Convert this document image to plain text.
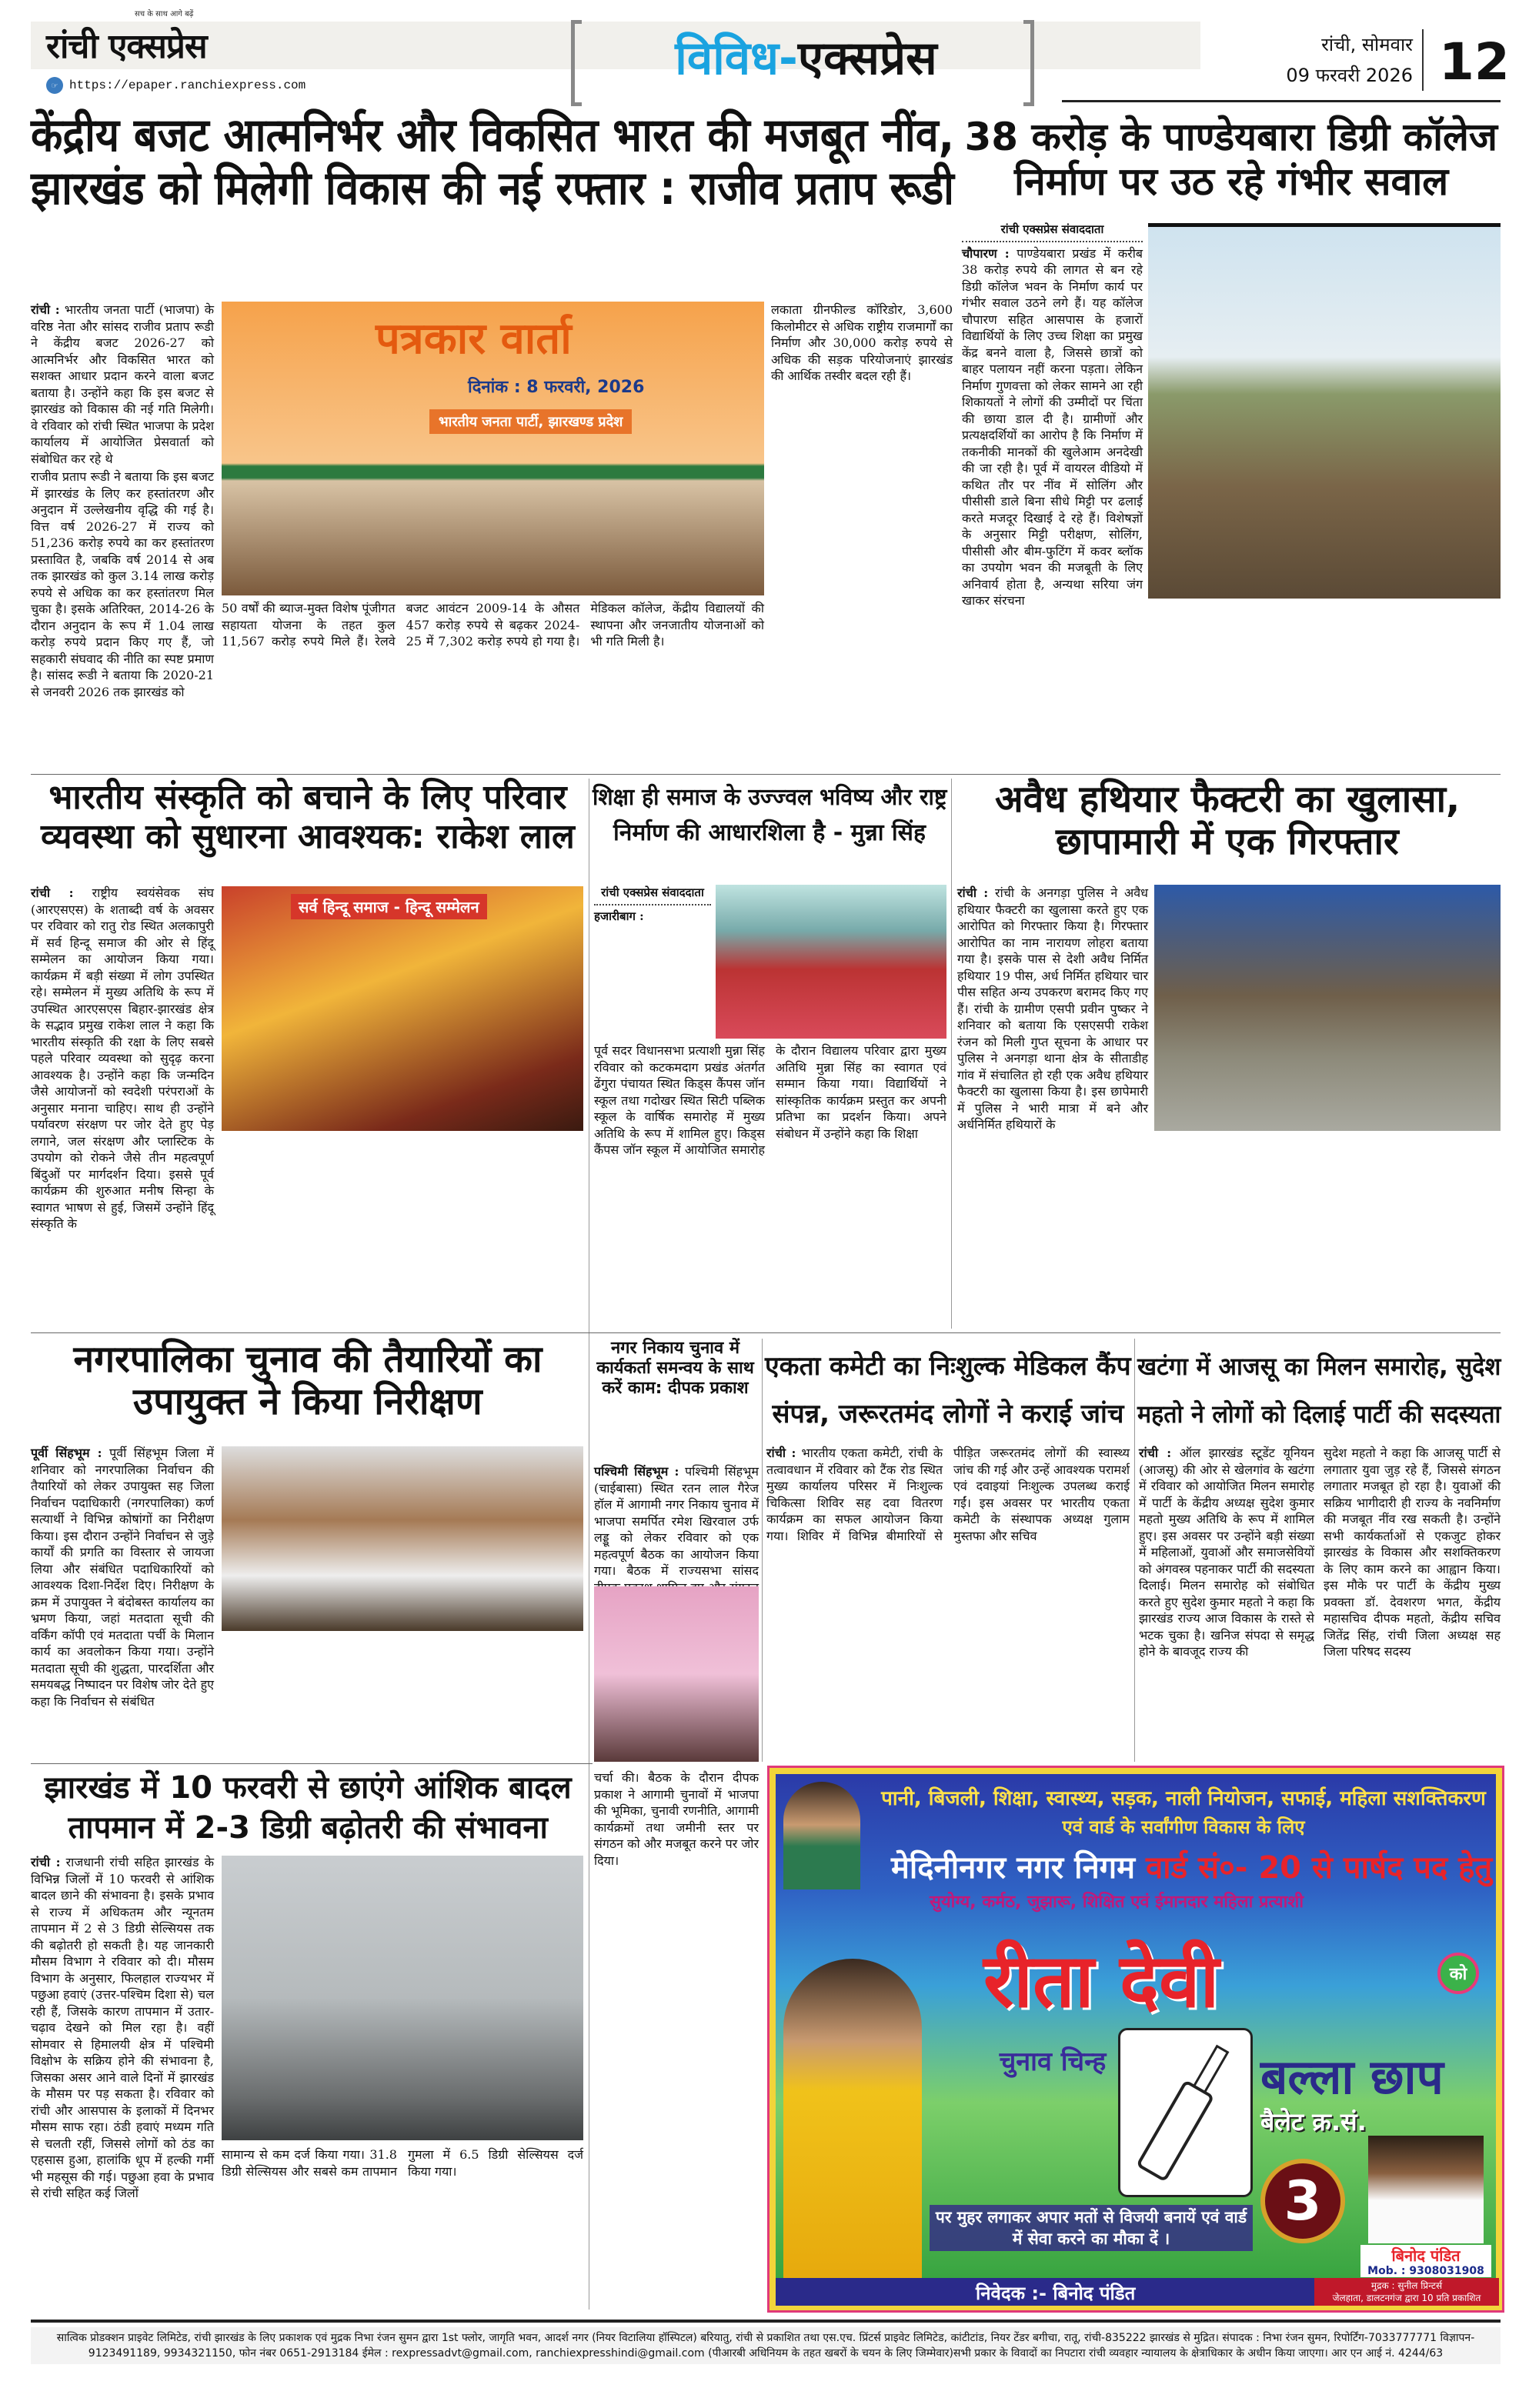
रांची एक्सप्रेस
सच के साथ आगे बढ़ें
☞ https://epaper.ranchiexpress.com	विविध-एक्सप्रेस	रांची, सोमवार
09 फरवरी 2026 12
केंद्रीय बजट आत्मनिर्भर और विकसित भारत की मजबूत नींव,
झारखंड को मिलेगी विकास की नई रफ्तार : राजीव प्रताप रूडी

रांची : भारतीय जनता पार्टी (भाजपा) के वरिष्ठ नेता और सांसद राजीव प्रताप रूडी ने केंद्रीय बजट 2026-27 को आत्मनिर्भर और विकसित भारत को सशक्त आधार प्रदान करने वाला बजट बताया है। उन्होंने कहा कि इस बजट से झारखंड को विकास की नई गति मिलेगी। वे रविवार को रांची स्थित भाजपा के प्रदेश कार्यालय में आयोजित प्रेसवार्ता को संबोधित कर रहे थे

राजीव प्रताप रूडी ने बताया कि इस बजट में झारखंड के लिए कर हस्तांतरण और अनुदान में उल्लेखनीय वृद्धि की गई है। वित्त वर्ष 2026-27 में राज्य को 51,236 करोड़ रुपये का कर हस्तांतरण प्रस्तावित है, जबकि वर्ष 2014 से अब तक झारखंड को कुल 3.14 लाख करोड़ रुपये से अधिक का कर हस्तांतरण मिल चुका है। इसके अतिरिक्त, 2014-26 के दौरान अनुदान के रूप में 1.04 लाख करोड़ रुपये प्रदान किए गए हैं, जो सहकारी संघवाद की नीति का स्पष्ट प्रमाण है। सांसद रूडी ने बताया कि 2020-21 से जनवरी 2026 तक झारखंड को

पत्रकार वार्ता
दिनांक : 8 फरवरी, 2026
भारतीय जनता पार्टी, झारखण्ड प्रदेश
50 वर्षों की ब्याज-मुक्त विशेष पूंजीगत सहायता योजना के तहत कुल 11,567 करोड़ रुपये मिले हैं। रेलवे बजट आवंटन 2009-14 के औसत 457 करोड़ रुपये से बढ़कर 2024-25 में 7,302 करोड़ रुपये हो गया है। मेडिकल कॉलेज, केंद्रीय विद्यालयों की स्थापना और जनजातीय योजनाओं को भी गति मिली है।
लकाता ग्रीनफील्ड कॉरिडोर, 3,600 किलोमीटर से अधिक राष्ट्रीय राजमार्गों का निर्माण और 30,000 करोड़ रुपये से अधिक की सड़क परियोजनाएं झारखंड की आर्थिक तस्वीर बदल रही हैं।
38 करोड़ के पाण्डेयबारा डिग्री कॉलेज
निर्माण पर उठ रहे गंभीर सवाल
रांची एक्सप्रेस संवाददाता

चौपारण : पाण्डेयबारा प्रखंड में करीब 38 करोड़ रुपये की लागत से बन रहे डिग्री कॉलेज भवन के निर्माण कार्य पर गंभीर सवाल उठने लगे हैं। यह कॉलेज चौपारण सहित आसपास के हजारों विद्यार्थियों के लिए उच्च शिक्षा का प्रमुख केंद्र बनने वाला है, जिससे छात्रों को बाहर पलायन नहीं करना पड़ता। लेकिन निर्माण गुणवत्ता को लेकर सामने आ रही शिकायतों ने लोगों की उम्मीदों पर चिंता की छाया डाल दी है। ग्रामीणों और प्रत्यक्षदर्शियों का आरोप है कि निर्माण में तकनीकी मानकों की खुलेआम अनदेखी की जा रही है। पूर्व में वायरल वीडियो में कथित तौर पर नींव में सोलिंग और पीसीसी डाले बिना सीधे मिट्टी पर ढलाई करते मजदूर दिखाई दे रहे हैं। विशेषज्ञों के अनुसार मिट्टी परीक्षण, सोलिंग, पीसीसी और बीम-फुटिंग में कवर ब्लॉक का उपयोग भवन की मजबूती के लिए अनिवार्य होता है, अन्यथा सरिया जंग खाकर संरचना

भारतीय संस्कृति को बचाने के लिए परिवार
व्यवस्था को सुधारना आवश्यक: राकेश लाल

रांची : राष्ट्रीय स्वयंसेवक संघ (आरएसएस) के शताब्दी वर्ष के अवसर पर रविवार को रातु रोड स्थित अलकापुरी में सर्व हिन्दू समाज की ओर से हिंदू सम्मेलन का आयोजन किया गया। कार्यक्रम में बड़ी संख्या में लोग उपस्थित रहे। सम्मेलन में मुख्य अतिथि के रूप में उपस्थित आरएसएस बिहार-झारखंड क्षेत्र के सद्भाव प्रमुख राकेश लाल ने कहा कि भारतीय संस्कृति की रक्षा के लिए सबसे पहले परिवार व्यवस्था को सुदृढ़ करना आवश्यक है। उन्होंने कहा कि जन्मदिन जैसे आयोजनों को स्वदेशी परंपराओं के अनुसार मनाना चाहिए। साथ ही उन्होंने पर्यावरण संरक्षण पर जोर देते हुए पेड़ लगाने, जल संरक्षण और प्लास्टिक के उपयोग को रोकने जैसे तीन महत्वपूर्ण बिंदुओं पर मार्गदर्शन दिया। इससे पूर्व कार्यक्रम की शुरुआत मनीष सिन्हा के स्वागत भाषण से हुई, जिसमें उन्होंने हिंदू संस्कृति के

सर्व हिन्दू समाज - हिन्दू सम्मेलन
शिक्षा ही समाज के उज्ज्वल भविष्य और राष्ट्र
निर्माण की आधारशिला है - मुन्ना सिंह
रांची एक्सप्रेस संवाददाता
हजारीबाग :
पूर्व सदर विधानसभा प्रत्याशी मुन्ना सिंह रविवार को कटकमदाग प्रखंड अंतर्गत ढेंगुरा पंचायत स्थित किड्स कैंपस जॉन स्कूल तथा गदोखर स्थित सिटी पब्लिक स्कूल के वार्षिक समारोह में मुख्य अतिथि के रूप में शामिल हुए। किड्स कैंपस जॉन स्कूल में आयोजित समारोह के दौरान विद्यालय परिवार द्वारा मुख्य अतिथि मुन्ना सिंह का स्वागत एवं सम्मान किया गया। विद्यार्थियों ने सांस्कृतिक कार्यक्रम प्रस्तुत कर अपनी प्रतिभा का प्रदर्शन किया। अपने संबोधन में उन्होंने कहा कि शिक्षा
अवैध हथियार फैक्टरी का खुलासा,
छापामारी में एक गिरफ्तार

रांची : रांची के अनगड़ा पुलिस ने अवैध हथियार फैक्टरी का खुलासा करते हुए एक आरोपित को गिरफ्तार किया है। गिरफ्तार आरोपित का नाम नारायण लोहरा बताया गया है। इसके पास से देशी अवैध निर्मित हथियार 19 पीस, अर्ध निर्मित हथियार चार पीस सहित अन्य उपकरण बरामद किए गए हैं। रांची के ग्रामीण एसपी प्रवीन पुष्कर ने शनिवार को बताया कि एसएसपी राकेश रंजन को मिली गुप्त सूचना के आधार पर पुलिस ने अनगड़ा थाना क्षेत्र के सीताडीह गांव में संचालित हो रही एक अवैध हथियार फैक्टरी का खुलासा किया है। इस छापेमारी में पुलिस ने भारी मात्रा में बने और अर्धनिर्मित हथियारों के

नगरपालिका चुनाव की तैयारियों का
उपायुक्त ने किया निरीक्षण

पूर्वी सिंहभूम : पूर्वी सिंहभूम जिला में शनिवार को नगरपालिका निर्वाचन की तैयारियों को लेकर उपायुक्त सह जिला निर्वाचन पदाधिकारी (नगरपालिका) कर्ण सत्यार्थी ने विभिन्न कोषांगों का निरीक्षण किया। इस दौरान उन्होंने निर्वाचन से जुड़े कार्यों की प्रगति का विस्तार से जायजा लिया और संबंधित पदाधिकारियों को आवश्यक दिशा-निर्देश दिए। निरीक्षण के क्रम में उपायुक्त ने बंदोबस्त कार्यालय का भ्रमण किया, जहां मतदाता सूची की वर्किंग कॉपी एवं मतदाता पर्ची के मिलान कार्य का अवलोकन किया गया। उन्होंने मतदाता सूची की शुद्धता, पारदर्शिता और समयबद्ध निष्पादन पर विशेष जोर देते हुए कहा कि निर्वाचन से संबंधित

नगर निकाय चुनाव में कार्यकर्ता समन्वय के साथ करें काम: दीपक प्रकाश

पश्चिमी सिंहभूम : पश्चिमी सिंहभूम (चाईबासा) स्थित रतन लाल गैरेज हॉल में आगामी नगर निकाय चुनाव में भाजपा समर्पित रमेश खिरवाल उर्फ लड्डू को लेकर रविवार को एक महत्वपूर्ण बैठक का आयोजन किया गया। बैठक में राज्यसभा सांसद

चर्चा की। बैठक के दौरान दीपक प्रकाश ने आगामी चुनावों में भाजपा की भूमिका, चुनावी रणनीति, आगामी कार्यक्रमों तथा जमीनी स्तर पर संगठन को और मजबूत करने पर जोर दिया।
एकता कमेटी का निःशुल्क मेडिकल कैंप
संपन्न, जरूरतमंद लोगों ने कराई जांच
रांची : भारतीय एकता कमेटी, रांची के तत्वावधान में रविवार को टैंक रोड स्थित मुख्य कार्यालय परिसर में निःशुल्क चिकित्सा शिविर सह दवा वितरण कार्यक्रम का सफल आयोजन किया गया। शिविर में विभिन्न बीमारियों से पीड़ित जरूरतमंद लोगों की स्वास्थ्य जांच की गई और उन्हें आवश्यक परामर्श एवं दवाइयां निःशुल्क उपलब्ध कराई गईं। इस अवसर पर भारतीय एकता कमेटी के संस्थापक अध्यक्ष गुलाम मुस्तफा और सचिव
खटंगा में आजसू का मिलन समारोह, सुदेश
महतो ने लोगों को दिलाई पार्टी की सदस्यता
रांची : ऑल झारखंड स्टूडेंट यूनियन (आजसू) की ओर से खेलगांव के खटंगा में रविवार को आयोजित मिलन समारोह में पार्टी के केंद्रीय अध्यक्ष सुदेश कुमार महतो मुख्य अतिथि के रूप में शामिल हुए। इस अवसर पर उन्होंने बड़ी संख्या में महिलाओं, युवाओं और समाजसेवियों को अंगवस्त्र पहनाकर पार्टी की सदस्यता दिलाई। मिलन समारोह को संबोधित करते हुए सुदेश कुमार महतो ने कहा कि झारखंड राज्य आज विकास के रास्ते से भटक चुका है। खनिज संपदा से समृद्ध होने के बावजूद राज्य की
सुदेश महतो ने कहा कि आजसू पार्टी से लगातार युवा जुड़ रहे हैं, जिससे संगठन लगातार मजबूत हो रहा है। युवाओं की सक्रिय भागीदारी ही राज्य के नवनिर्माण की मजबूत नींव रख सकती है। उन्होंने सभी कार्यकर्ताओं से एकजुट होकर झारखंड के विकास और सशक्तिकरण के लिए काम करने का आह्वान किया। इस मौके पर पार्टी के केंद्रीय मुख्य प्रवक्ता डॉ. देवशरण भगत, केंद्रीय महासचिव दीपक महतो, केंद्रीय सचिव जितेंद्र सिंह, रांची जिला अध्यक्ष सह जिला परिषद सदस्य
झारखंड में 10 फरवरी से छाएंगे आंशिक बादल
तापमान में 2-3 डिग्री बढ़ोतरी की संभावना
रांची : राजधानी रांची सहित झारखंड के विभिन्न जिलों में 10 फरवरी से आंशिक बादल छाने की संभावना है। इसके प्रभाव से राज्य में अधिकतम और न्यूनतम तापमान में 2 से 3 डिग्री सेल्सियस तक की बढ़ोतरी हो सकती है। यह जानकारी मौसम विभाग ने रविवार को दी। मौसम विभाग के अनुसार, फिलहाल राज्यभर में पछुआ हवाएं (उत्तर-पश्चिम दिशा से) चल रही हैं, जिसके कारण तापमान में उतार-चढ़ाव देखने को मिल रहा है। वहीं सोमवार से हिमालयी क्षेत्र में पश्चिमी विक्षोभ के सक्रिय होने की संभावना है, जिसका असर आने वाले दिनों में झारखंड के मौसम पर पड़ सकता है। रविवार को रांची और आसपास के इलाकों में दिनभर मौसम साफ रहा। ठंडी हवाएं मध्यम गति से चलती रहीं, जिससे लोगों को ठंड का एहसास हुआ, हालांकि धूप में हल्की गर्मी भी महसूस की गई। पछुआ हवा के प्रभाव से रांची सहित कई जिलों
सामान्य से कम दर्ज किया गया। 31.8 डिग्री सेल्सियस और सबसे कम तापमान गुमला में 6.5 डिग्री सेल्सियस दर्ज किया गया।
पानी, बिजली, शिक्षा, स्वास्थ्य, सड़क, नाली नियोजन, सफाई, महिला सशक्तिकरण
एवं वार्ड के सर्वांगीण विकास के लिए
मेदिनीनगर नगर निगम वार्ड सं०- 20 से पार्षद पद हेतु
सुयोग्य, कर्मठ, जुझारू, शिक्षित एवं ईमानदार महिला प्रत्याशी
रीता देवी	को
चुनाव चिन्ह	बल्ला छाप
बैलेट क्र.सं.
3
पर मुहर लगाकर अपार मतों से विजयी बनायें एवं वार्ड में सेवा करने का मौका दें ।
बिनोद पंडित
Mob. : 9308031908
निवेदक :- बिनोद पंडित	मुद्रक : सुनील प्रिन्टर्स
जेलहाता, डालटनगंज द्वारा 10 प्रति प्रकाशित
सात्विक प्रोडक्शन प्राइवेट लिमिटेड, रांची झारखंड के लिए प्रकाशक एवं मुद्रक निभा रंजन सुमन द्वारा 1st फ्लोर, जागृति भवन, आदर्श नगर (नियर विटालिया हॉस्पिटल) बरियातु, रांची से प्रकाशित तथा एस.एच. प्रिंटर्स प्राइवेट लिमिटेड, कांटीटांड, नियर टेंडर बगीचा, रातू, रांची-835222 झारखंड से मुद्रित। संपादक : निभा रंजन सुमन, रिपोर्टिंग-7033777771 विज्ञापन-
9123491189, 9934321150, फोन नंबर 0651-2913184 ईमेल : rexpressadvt@gmail.com, ranchiexpresshindi@gmail.com (पीआरबी अधिनियम के तहत खबरों के चयन के लिए जिम्मेवार)सभी प्रकार के विवादों का निपटारा रांची व्यवहार न्यायालय के क्षेत्राधिकार के अधीन किया जाएगा। आर एन आई नं. 4244/63
